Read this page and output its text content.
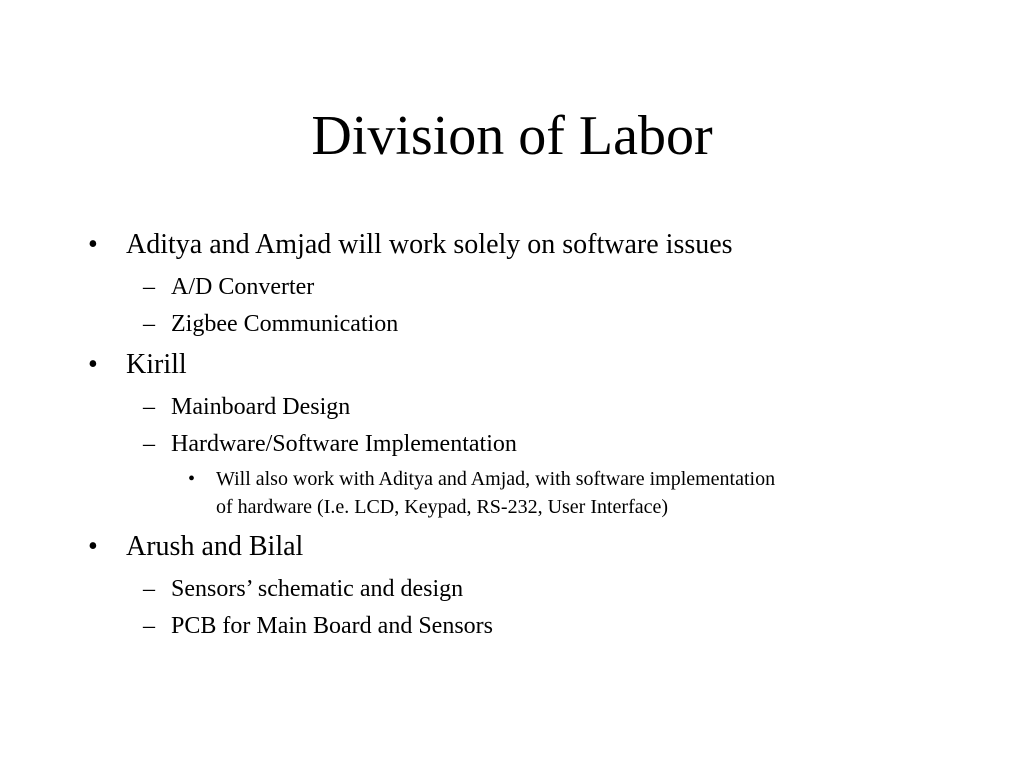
Division of Labor
• Aditya and Amjad will work solely on software issues
– A/D Converter
– Zigbee Communication
• Kirill
– Mainboard Design
– Hardware/Software Implementation
• Will also work with Aditya and Amjad, with software implementation
of hardware (I.e. LCD, Keypad, RS-232, User Interface)
• Arush and Bilal
– Sensors’ schematic and design
– PCB for Main Board and Sensors
